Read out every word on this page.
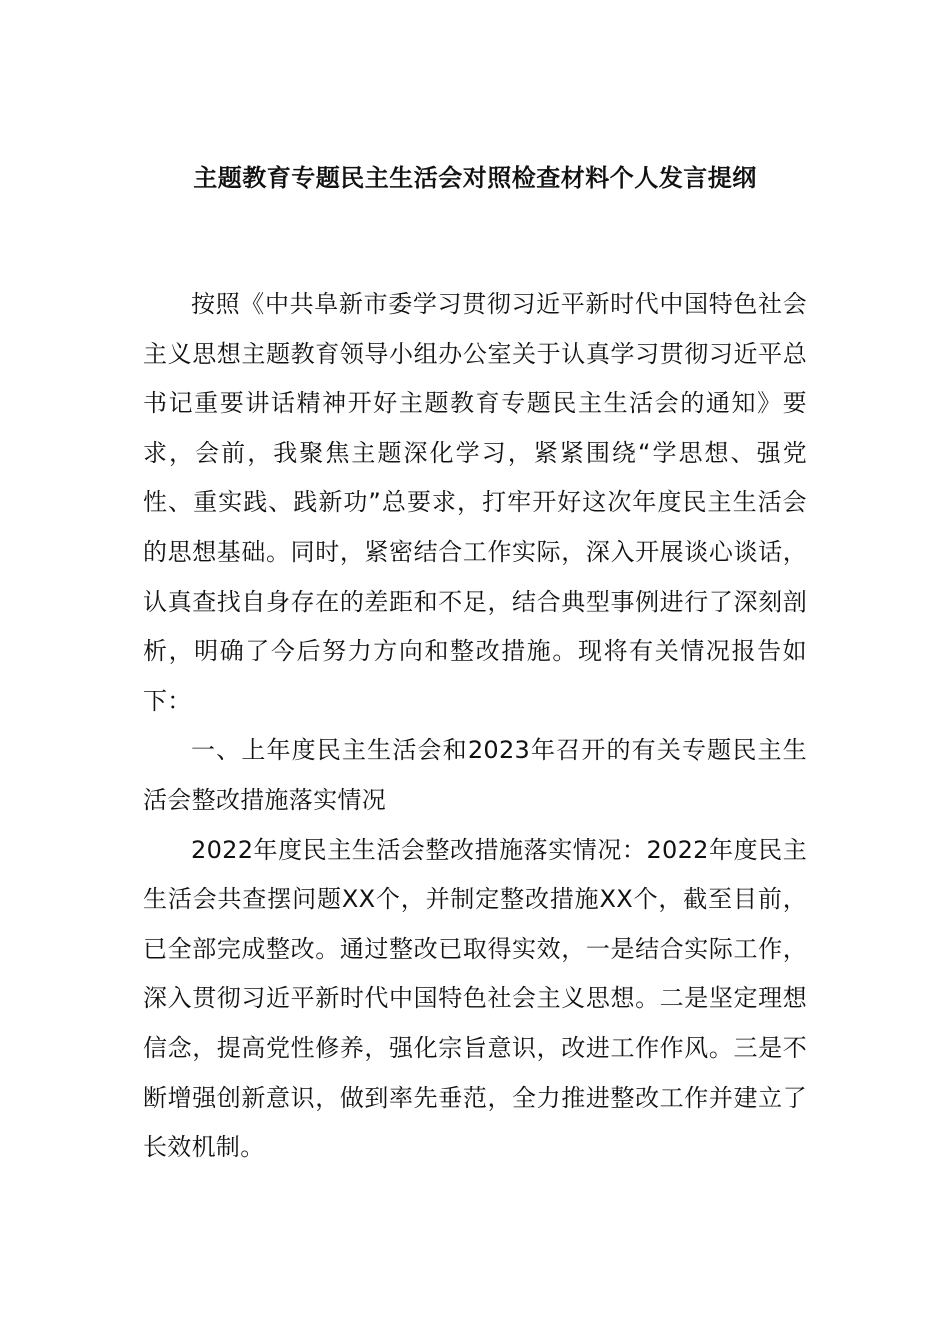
主题教育专题民主生活会对照检查材料个人发言提纲

按照《中共阜新市委学习贯彻习近平新时代中国特色社会主义思想主题教育领导小组办公室关于认真学习贯彻习近平总书记重要讲话精神开好主题教育专题民主生活会的通知》要求，会前，我聚焦主题深化学习，紧紧围绕“学思想、强党性、重实践、践新功”总要求，打牢开好这次年度民主生活会的思想基础。同时，紧密结合工作实际，深入开展谈心谈话，认真查找自身存在的差距和不足，结合典型事例进行了深刻剖析，明确了今后努力方向和整改措施。现将有关情况报告如下：

一、上年度民主生活会和2023年召开的有关专题民主生活会整改措施落实情况

2022年度民主生活会整改措施落实情况：2022年度民主生活会共查摆问题XX个，并制定整改措施XX个，截至目前，已全部完成整改。通过整改已取得实效，一是结合实际工作，深入贯彻习近平新时代中国特色社会主义思想。二是坚定理想信念，提高党性修养，强化宗旨意识，改进工作作风。三是不断增强创新意识，做到率先垂范，全力推进整改工作并建立了长效机制。
